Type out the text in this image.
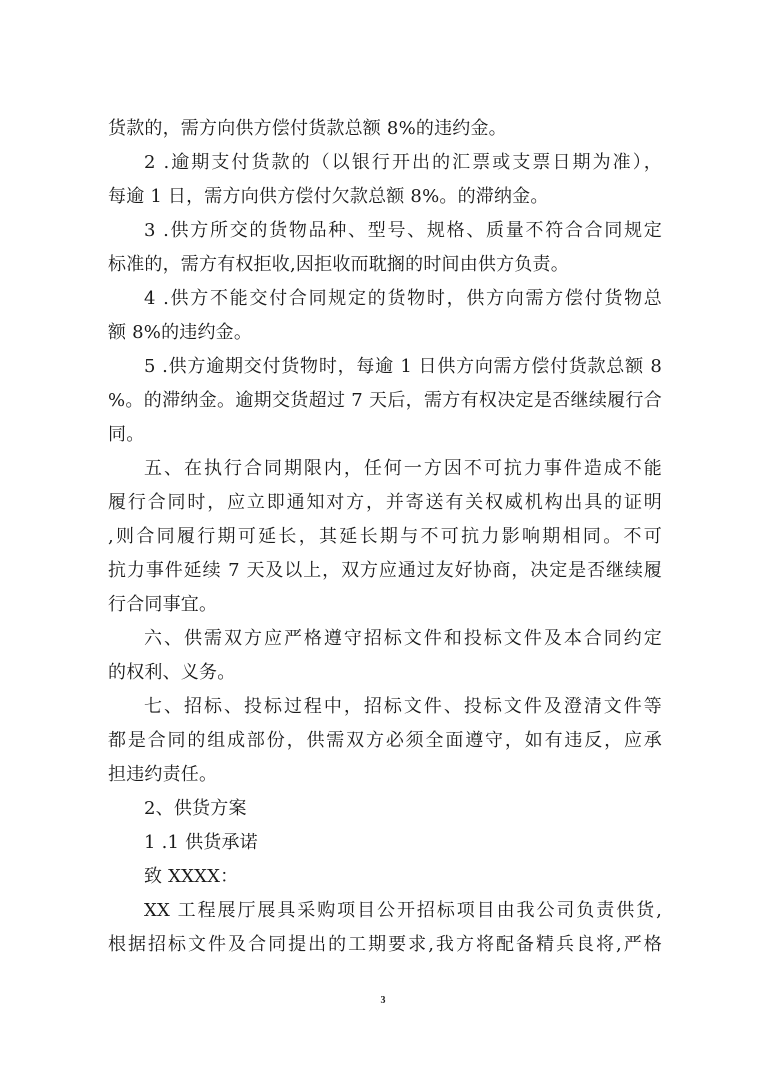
货款的，需方向供方偿付货款总额 8%的违约金。
2 .逾期支付货款的（以银行开出的汇票或支票日期为准），
每逾 1 日，需方向供方偿付欠款总额 8%。的滞纳金。
3 .供方所交的货物品种、型号、规格、质量不符合合同规定
标准的，需方有权拒收,因拒收而耽搁的时间由供方负责。
4 .供方不能交付合同规定的货物时，供方向需方偿付货物总
额 8%的违约金。
5 .供方逾期交付货物时，每逾 1 日供方向需方偿付货款总额 8
%。的滞纳金。逾期交货超过 7 天后，需方有权决定是否继续履行合
同。
五、在执行合同期限内，任何一方因不可抗力事件造成不能
履行合同时，应立即通知对方，并寄送有关权威机构出具的证明
,则合同履行期可延长，其延长期与不可抗力影响期相同。不可
抗力事件延续 7 天及以上，双方应通过友好协商，决定是否继续履
行合同事宜。
六、供需双方应严格遵守招标文件和投标文件及本合同约定
的权利、义务。
七、招标、投标过程中，招标文件、投标文件及澄清文件等
都是合同的组成部份，供需双方必须全面遵守，如有违反，应承
担违约责任。
2、供货方案
1 .1 供货承诺
致 XXXX：
XX 工程展厅展具采购项目公开招标项目由我公司负责供货,
根据招标文件及合同提出的工期要求,我方将配备精兵良将,严格
3
